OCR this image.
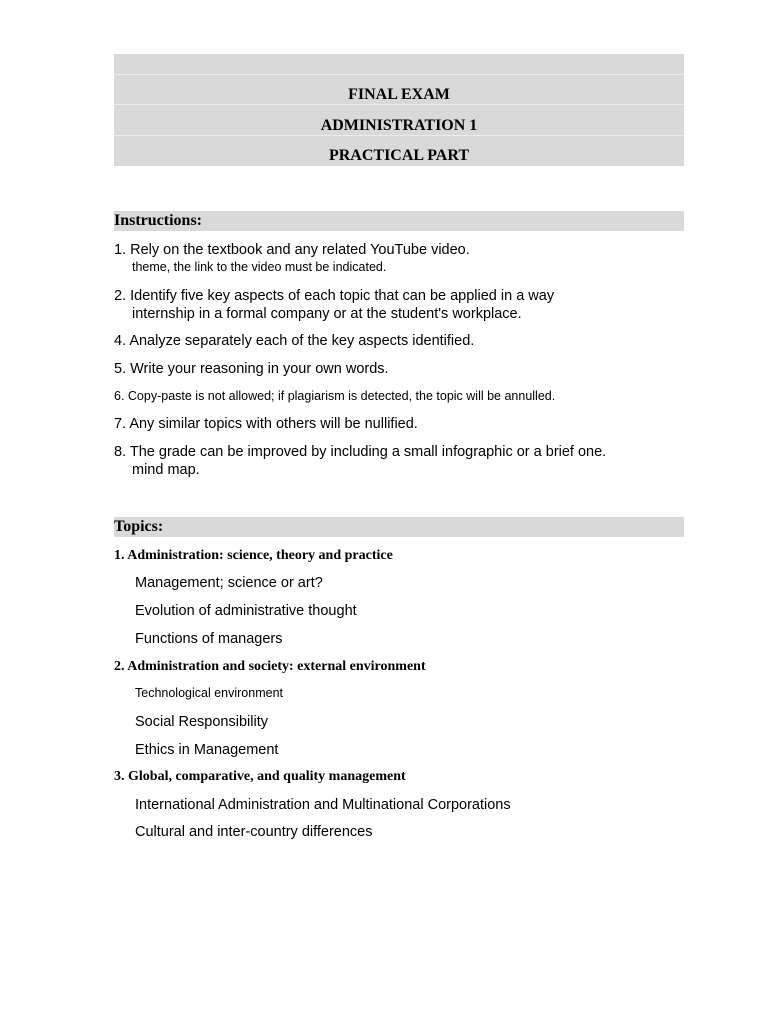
FINAL EXAM
ADMINISTRATION 1
PRACTICAL PART
Instructions:
1. Rely on the textbook and any related YouTube video.
theme, the link to the video must be indicated.
2. Identify five key aspects of each topic that can be applied in a way
internship in a formal company or at the student's workplace.
4. Analyze separately each of the key aspects identified.
5. Write your reasoning in your own words.
6. Copy-paste is not allowed; if plagiarism is detected, the topic will be annulled.
7. Any similar topics with others will be nullified.
8. The grade can be improved by including a small infographic or a brief one.
mind map.
Topics:
1. Administration: science, theory and practice
Management; science or art?
Evolution of administrative thought
Functions of managers
2. Administration and society: external environment
Technological environment
Social Responsibility
Ethics in Management
3. Global, comparative, and quality management
International Administration and Multinational Corporations
Cultural and inter-country differences
